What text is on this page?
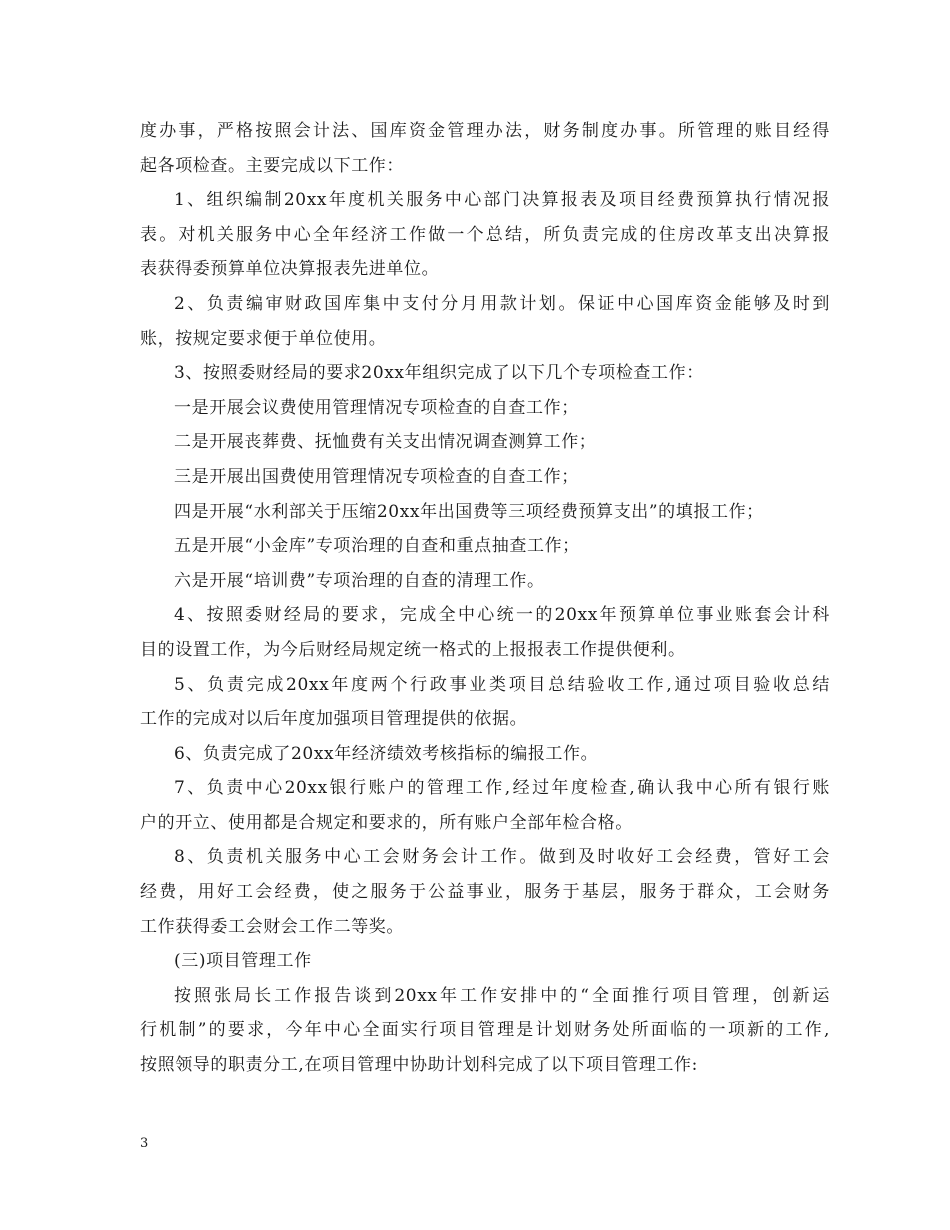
度办事，严格按照会计法、国库资金管理办法，财务制度办事。所管理的账目经得
起各项检查。主要完成以下工作：
1、组织编制20xx年度机关服务中心部门决算报表及项目经费预算执行情况报
表。对机关服务中心全年经济工作做一个总结，所负责完成的住房改革支出决算报
表获得委预算单位决算报表先进单位。
2、负责编审财政国库集中支付分月用款计划。保证中心国库资金能够及时到
账，按规定要求便于单位使用。
3、按照委财经局的要求20xx年组织完成了以下几个专项检查工作：
一是开展会议费使用管理情况专项检查的自查工作；
二是开展丧葬费、抚恤费有关支出情况调查测算工作；
三是开展出国费使用管理情况专项检查的自查工作；
四是开展“水利部关于压缩20xx年出国费等三项经费预算支出”的填报工作；
五是开展“小金库”专项治理的自查和重点抽查工作；
六是开展“培训费”专项治理的自查的清理工作。
4、按照委财经局的要求，完成全中心统一的20xx年预算单位事业账套会计科
目的设置工作，为今后财经局规定统一格式的上报报表工作提供便利。
5、负责完成20xx年度两个行政事业类项目总结验收工作,通过项目验收总结
工作的完成对以后年度加强项目管理提供的依据。
6、负责完成了20xx年经济绩效考核指标的编报工作。
7、负责中心20xx银行账户的管理工作,经过年度检查,确认我中心所有银行账
户的开立、使用都是合规定和要求的，所有账户全部年检合格。
8、负责机关服务中心工会财务会计工作。做到及时收好工会经费，管好工会
经费，用好工会经费，使之服务于公益事业，服务于基层，服务于群众，工会财务
工作获得委工会财会工作二等奖。
(三)项目管理工作
按照张局长工作报告谈到20xx年工作安排中的“全面推行项目管理，创新运
行机制”的要求，今年中心全面实行项目管理是计划财务处所面临的一项新的工作,
按照领导的职责分工,在项目管理中协助计划科完成了以下项目管理工作:
3
